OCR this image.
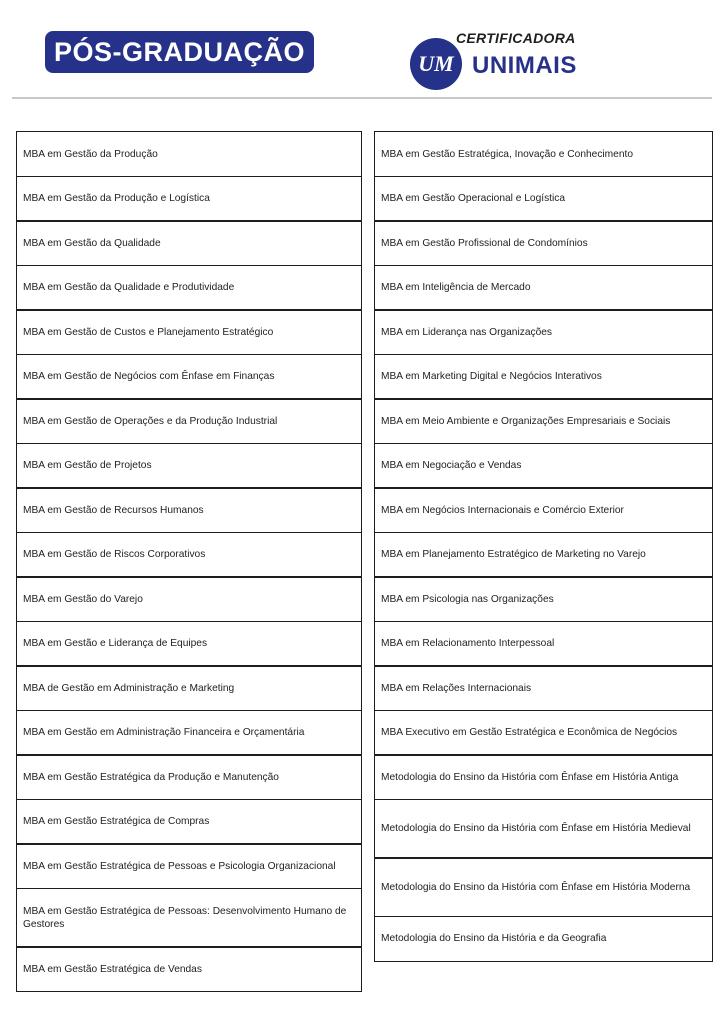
PÓS-GRADUAÇÃO	UM
CERTIFICADORA
UNIMAIS
MBA em Gestão da Produção
MBA em Gestão da Produção e Logística
MBA em Gestão da Qualidade
MBA em Gestão da Qualidade e Produtividade
MBA em Gestão de Custos e Planejamento Estratégico
MBA em Gestão de Negócios com Ênfase em Finanças
MBA em Gestão de Operações e da Produção Industrial
MBA em Gestão de Projetos
MBA em Gestão de Recursos Humanos
MBA em Gestão de Riscos Corporativos
MBA em Gestão do Varejo
MBA em Gestão e Liderança de Equipes
MBA de Gestão em Administração e Marketing
MBA em Gestão em Administração Financeira e Orçamentária
MBA em Gestão Estratégica da Produção e Manutenção
MBA em Gestão Estratégica de Compras
MBA em Gestão Estratégica de Pessoas e Psicologia Organizacional
MBA em Gestão Estratégica de Pessoas: Desenvolvimento Humano de Gestores
MBA em Gestão Estratégica de Vendas
MBA em Gestão Estratégica, Inovação e Conhecimento
MBA em Gestão Operacional e Logística
MBA em Gestão Profissional de Condomínios
MBA em Inteligência de Mercado
MBA em Liderança nas Organizações
MBA em Marketing Digital e Negócios Interativos
MBA em Meio Ambiente e Organizações Empresariais e Sociais
MBA em Negociação e Vendas
MBA em Negócios Internacionais e Comércio Exterior
MBA em Planejamento Estratégico de Marketing no Varejo
MBA em Psicologia nas Organizações
MBA em Relacionamento Interpessoal
MBA em Relações Internacionais
MBA Executivo em Gestão Estratégica e Econômica de Negócios
Metodologia do Ensino da História com Ênfase em História Antiga
Metodologia do Ensino da História com Ênfase em História Medieval
Metodologia do Ensino da História com Ênfase em História Moderna
Metodologia do Ensino da História e da Geografia
